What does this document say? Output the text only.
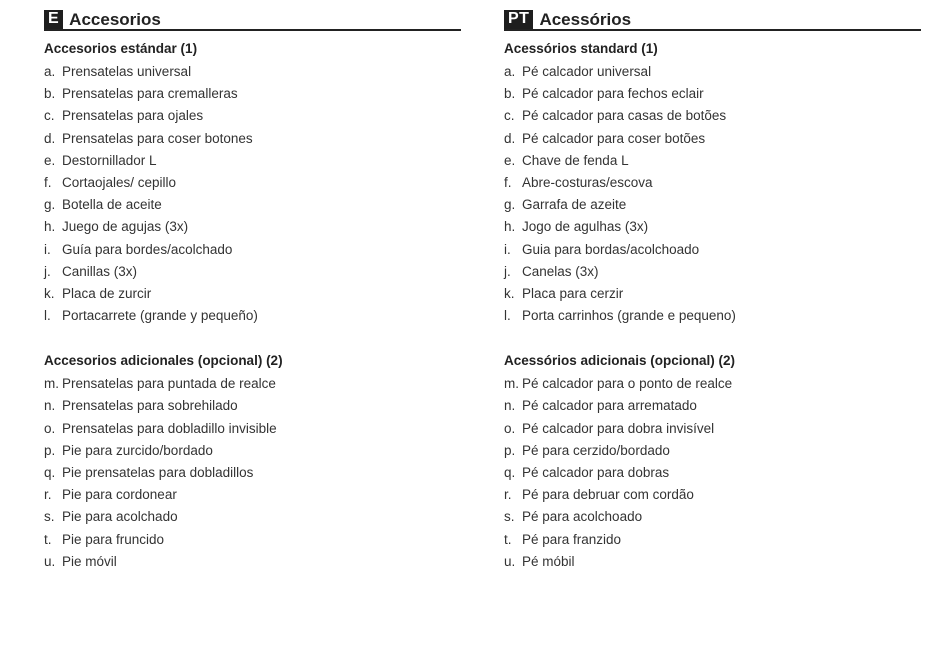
E Accesorios
Accesorios estándar (1)
a. Prensatelas universal
b. Prensatelas para cremalleras
c. Prensatelas para ojales
d. Prensatelas para coser botones
e. Destornillador L
f. Cortaojales/ cepillo
g. Botella de aceite
h. Juego de agujas (3x)
i. Guía para bordes/acolchado
j. Canillas (3x)
k. Placa de zurcir
l. Portacarrete (grande y pequeño)
Accesorios adicionales (opcional) (2)
m. Prensatelas para puntada de realce
n. Prensatelas para sobrehilado
o. Prensatelas para dobladillo invisible
p. Pie para zurcido/bordado
q. Pie prensatelas para dobladillos
r. Pie para cordonear
s. Pie para acolchado
t. Pie para fruncido
u. Pie móvil
PT Acessórios
Acessórios standard (1)
a. Pé calcador universal
b. Pé calcador para fechos eclair
c. Pé calcador para casas de botões
d. Pé calcador para coser botões
e. Chave de fenda L
f. Abre-costuras/escova
g. Garrafa de azeite
h. Jogo de agulhas (3x)
i. Guia para bordas/acolchoado
j. Canelas (3x)
k. Placa para cerzir
l. Porta carrinhos (grande e pequeno)
Acessórios adicionais (opcional) (2)
m. Pé calcador para o ponto de realce
n. Pé calcador para arrematado
o. Pé calcador para dobra invisível
p. Pé para cerzido/bordado
q. Pé calcador para dobras
r. Pé para debruar com cordão
s. Pé para acolchoado
t. Pé para franzido
u. Pé móbil
